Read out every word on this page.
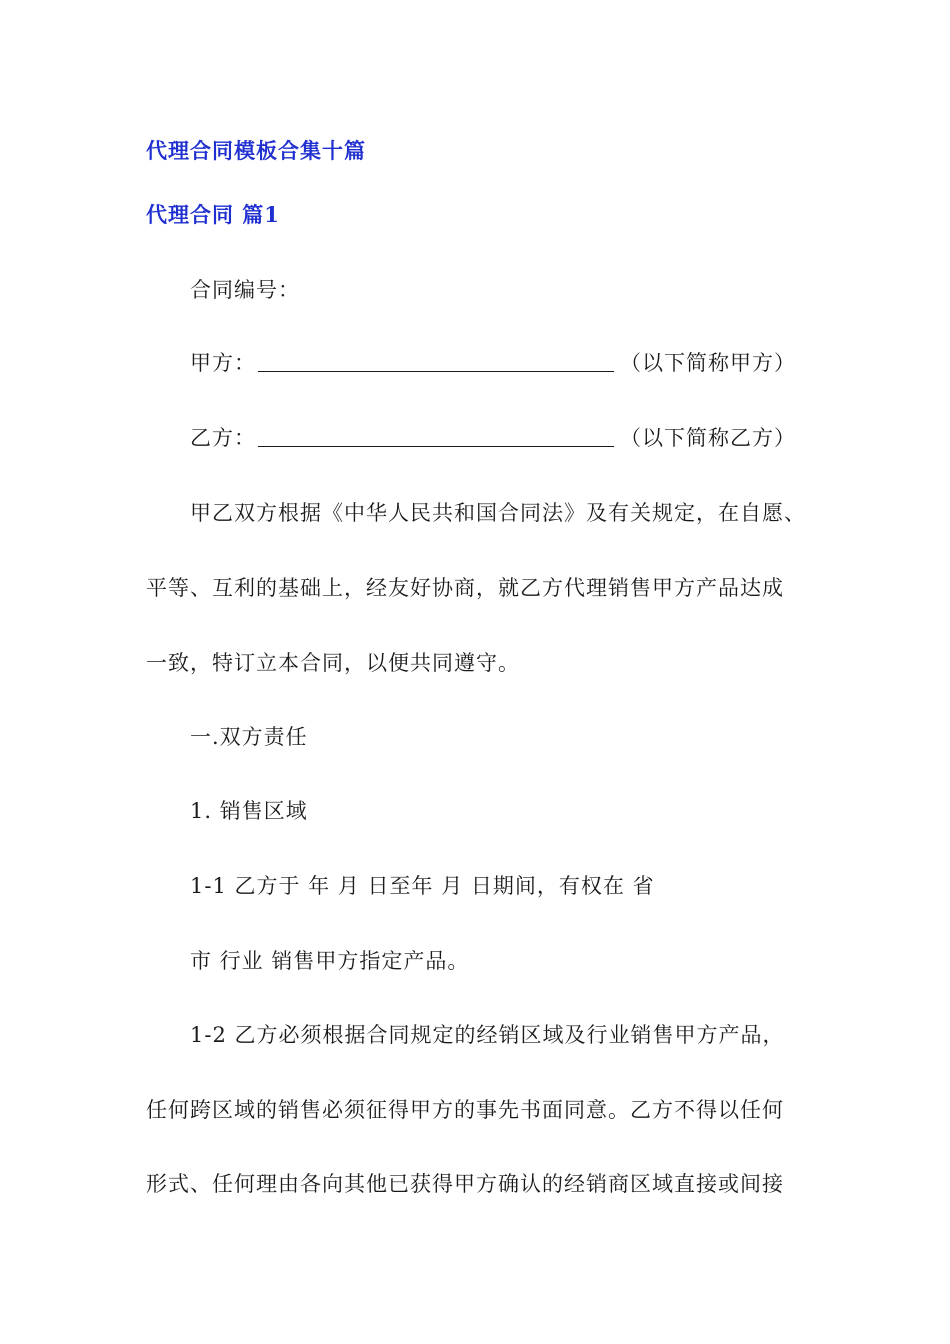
代理合同模板合集十篇
代理合同 篇1
合同编号：
甲方：	（以下简称甲方）
乙方：	（以下简称乙方）
甲乙双方根据《中华人民共和国合同法》及有关规定，在自愿、
平等、互利的基础上，经友好协商，就乙方代理销售甲方产品达成
一致，特订立本合同，以便共同遵守。
一.双方责任
1. 销售区域
1-1 乙方于 年 月 日至年 月 日期间，有权在 省
市 行业 销售甲方指定产品。
1-2 乙方必须根据合同规定的经销区域及行业销售甲方产品，
任何跨区域的销售必须征得甲方的事先书面同意。乙方不得以任何
形式、任何理由各向其他已获得甲方确认的经销商区域直接或间接
